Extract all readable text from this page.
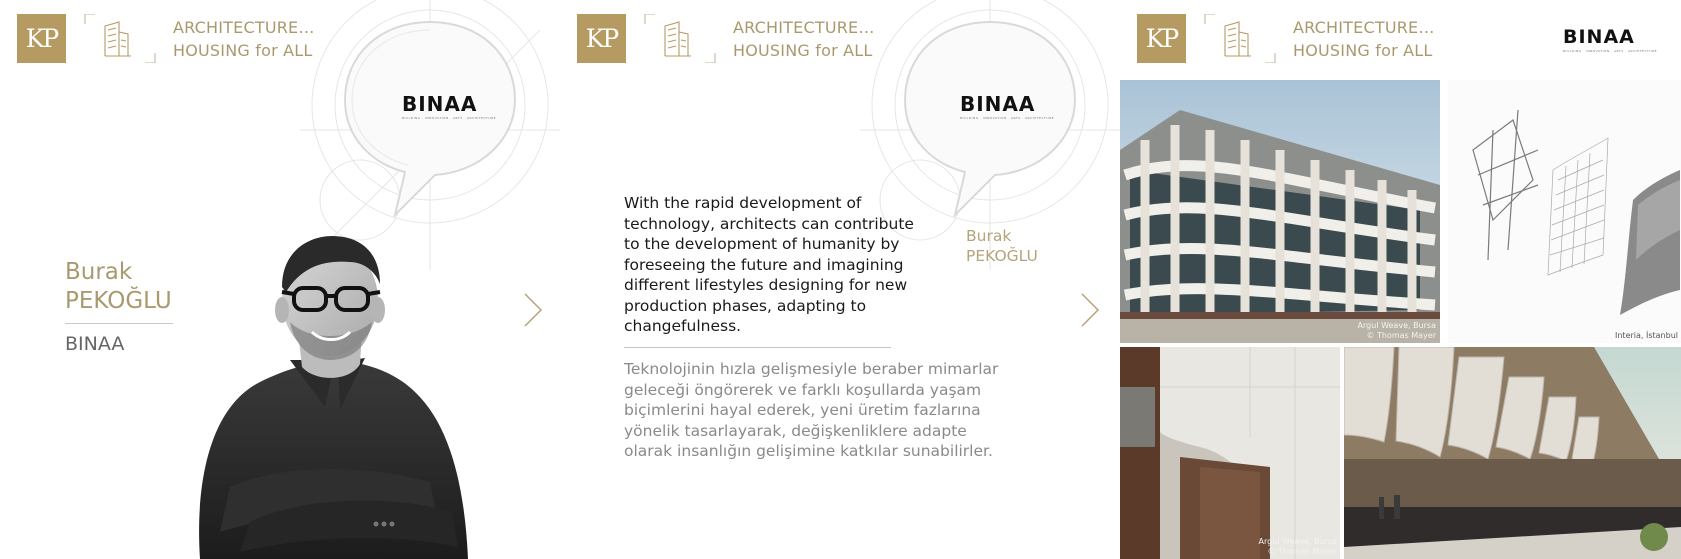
KP	ARCHITECTURE…
HOUSING for ALL
BINAA
BUILDING · INNOVATION · ARTS · ARCHITECTURE
Burak
PEKOĞLU
BINAA
KP	ARCHITECTURE…
HOUSING for ALL
BINAA
BUILDING · INNOVATION · ARTS · ARCHITECTURE
With the rapid development of technology, architects can contribute to the development of humanity by foreseeing the future and imagining different lifestyles designing for new production phases, adapting to changefulness.
Teknolojinin hızla gelişmesiyle beraber mimarlar geleceği öngörerek ve farklı koşullarda yaşam biçimlerini hayal ederek, yeni üretim fazlarına yönelik tasarlayarak, değişkenliklere adapte olarak insanlığın gelişimine katkılar sunabilirler.
Burak
PEKOĞLU
KP	ARCHITECTURE…
HOUSING for ALL
BINAA
BUILDING · INNOVATION · ARTS · ARCHITECTURE
Argul Weave, Bursa
© Thomas Mayer	Interia, İstanbul
Argul Weave, Bursa
© Thomas Mayer
